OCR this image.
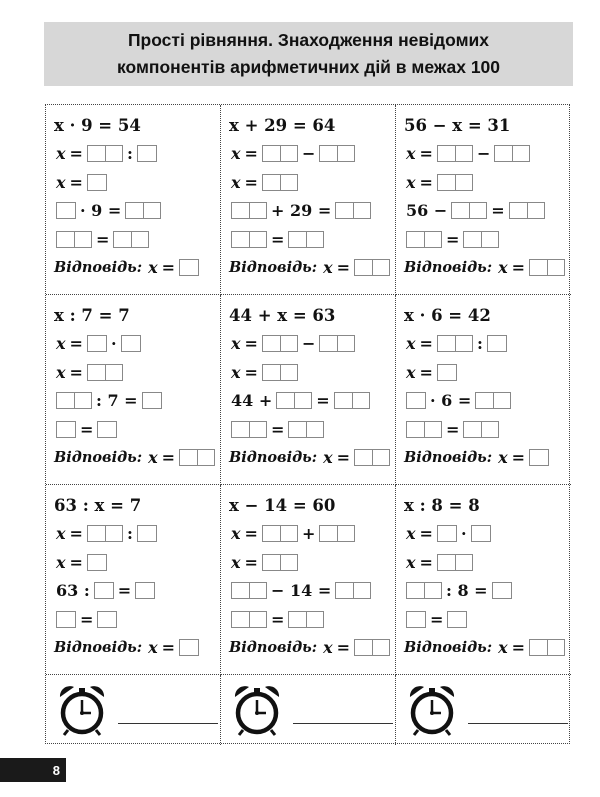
Прості рівняння. Знаходження невідомих
компонентів арифметичних дій в межах 100
x · 9 = 54
x =	:
x =
· 9 =
=
Відповідь: x =
x + 29 = 64
x =	−
x =
+ 29 =
=
Відповідь: x =
56 − x = 31
x =	−
x =
56 −	=
=
Відповідь: x =
x : 7 = 7
x = ·
x =
: 7 =
=
Відповідь: x =
44 + x = 63
x =	−
x =
44 +	=
=
Відповідь: x =
x · 6 = 42
x =	:
x =
· 6 =
=
Відповідь: x =
63 : x = 7
x =	:
x =
63 : =
=
Відповідь: x =
x − 14 = 60
x =	+
x =
− 14 =
=
Відповідь: x =
x : 8 = 8
x = ·
x =
: 8 =
=
Відповідь: x =
8
